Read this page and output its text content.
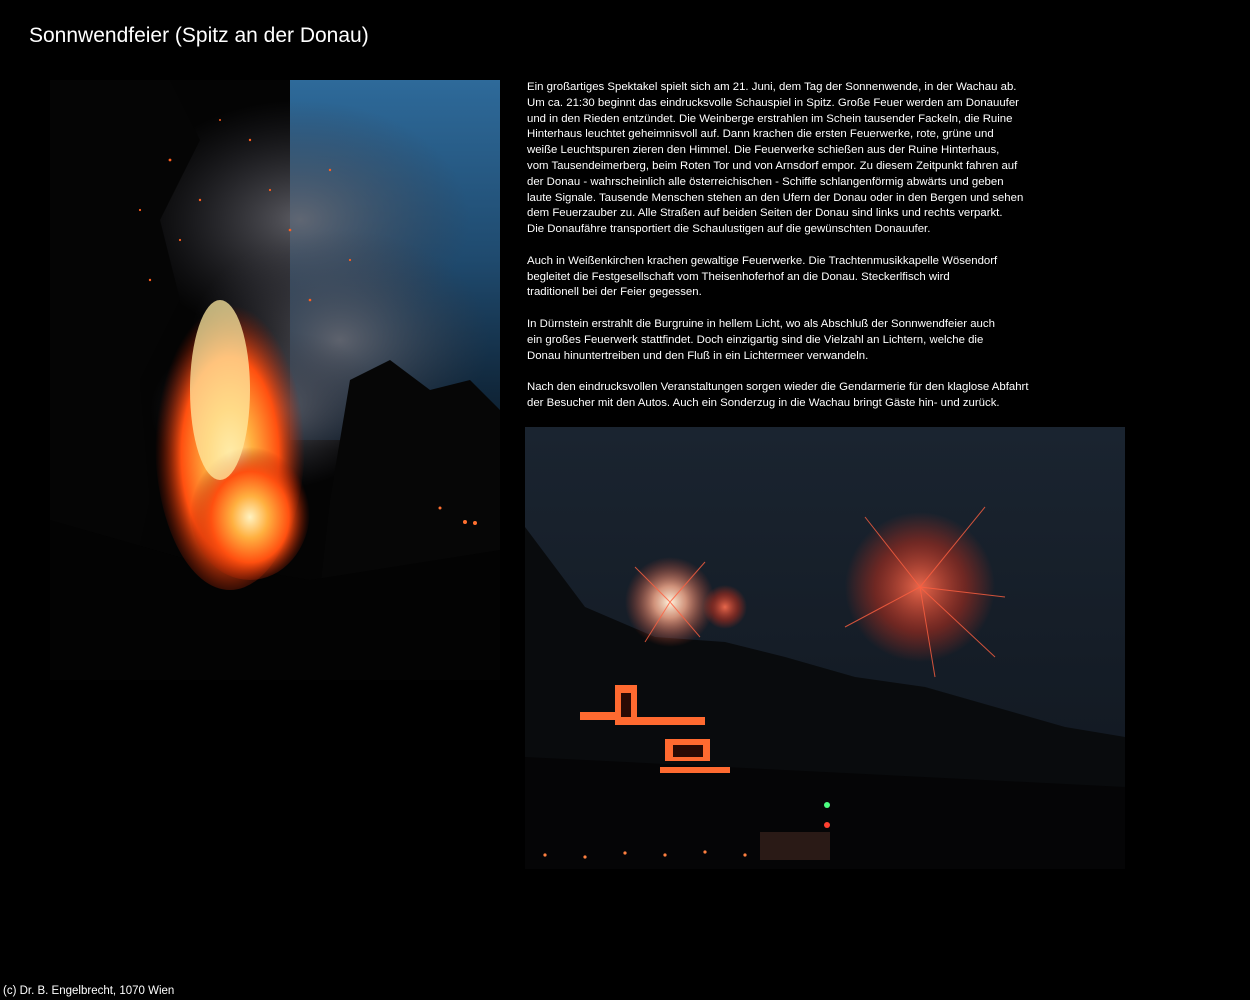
Sonnwendfeier (Spitz an der Donau)

Ein großartiges Spektakel spielt sich am 21. Juni, dem Tag der Sonnenwende, in der Wachau ab.
Um ca. 21:30 beginnt das eindrucksvolle Schauspiel in Spitz. Große Feuer werden am Donauufer
und in den Rieden entzündet. Die Weinberge erstrahlen im Schein tausender Fackeln, die Ruine
Hinterhaus leuchtet geheimnisvoll auf. Dann krachen die ersten Feuerwerke, rote, grüne und
weiße Leuchtspuren zieren den Himmel. Die Feuerwerke schießen aus der Ruine Hinterhaus,
vom Tausendeimerberg, beim Roten Tor und von Arnsdorf empor. Zu diesem Zeitpunkt fahren auf
der Donau - wahrscheinlich alle österreichischen - Schiffe schlangenförmig abwärts und geben
laute Signale. Tausende Menschen stehen an den Ufern der Donau oder in den Bergen und sehen
dem Feuerzauber zu. Alle Straßen auf beiden Seiten der Donau sind links und rechts verparkt.
Die Donaufähre transportiert die Schaulustigen auf die gewünschten Donauufer.

Auch in Weißenkirchen krachen gewaltige Feuerwerke. Die Trachtenmusikkapelle Wösendorf
begleitet die Festgesellschaft vom Theisenhoferhof an die Donau. Steckerlfisch wird
traditionell bei der Feier gegessen.

In Dürnstein erstrahlt die Burgruine in hellem Licht, wo als Abschluß der Sonnwendfeier auch
ein großes Feuerwerk stattfindet. Doch einzigartig sind die Vielzahl an Lichtern, welche die
Donau hinuntertreiben und den Fluß in ein Lichtermeer verwandeln.

Nach den eindrucksvollen Veranstaltungen sorgen wieder die Gendarmerie für den klaglose Abfahrt
der Besucher mit den Autos. Auch ein Sonderzug in die Wachau bringt Gäste hin- und zurück.

(c) Dr. B. Engelbrecht, 1070 Wien
